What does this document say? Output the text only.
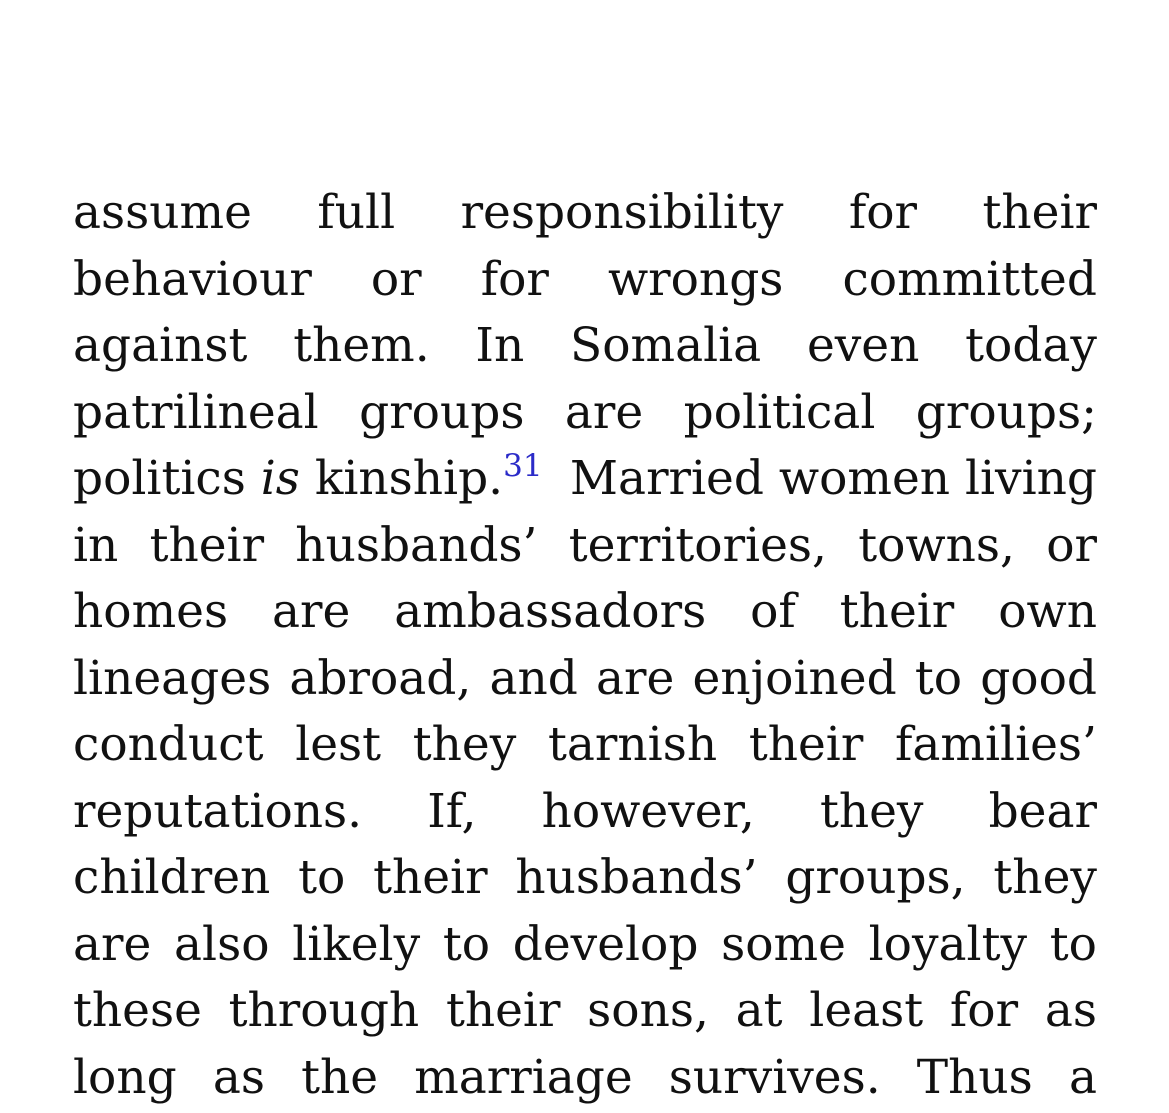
assume full responsibility for their
behaviour or for wrongs committed
against them. In Somalia even today
patrilineal groups are political groups;
politics is kinship.$^{31}$ Married women living
in their husbands’ territories, towns, or
homes are ambassadors of their own
lineages abroad, and are enjoined to good
conduct lest they tarnish their families’
reputations. If, however, they bear
children to their husbands’ groups, they
are also likely to develop some loyalty to
these through their sons, at least for as
long as the marriage survives. Thus a
